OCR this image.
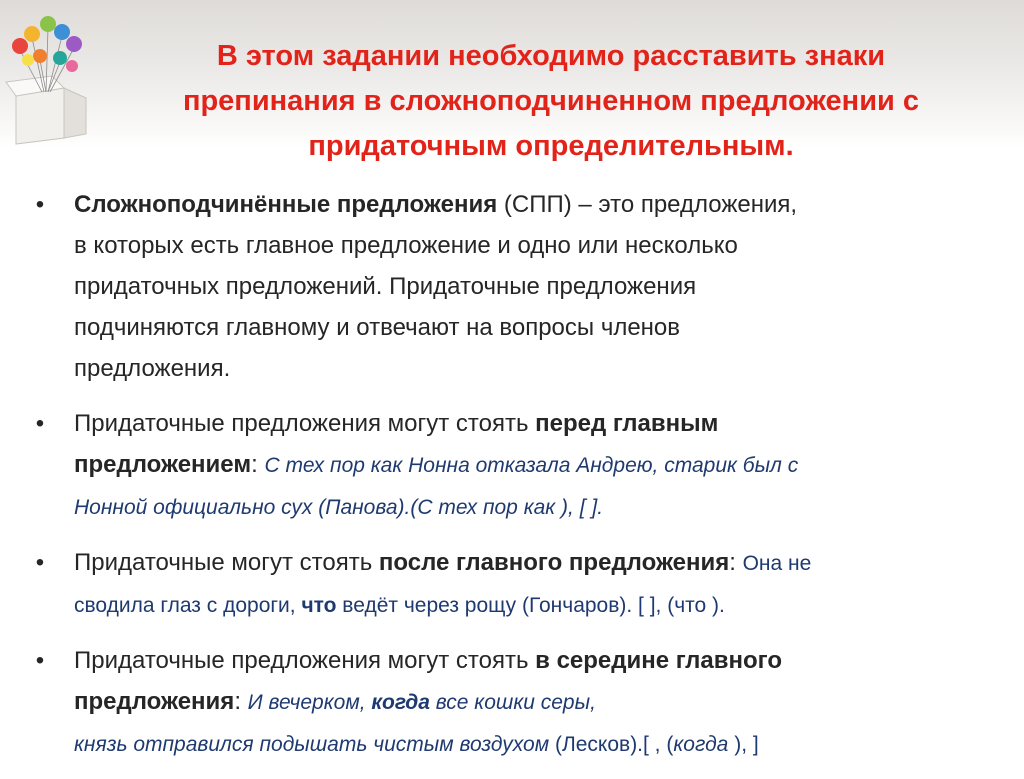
В этом задании необходимо расставить знаки
препинания в сложноподчиненном предложении с
придаточным определительным.
• Сложноподчинённые предложения (СПП) – это предложения,
в которых есть главное предложение и одно или несколько
придаточных предложений. Придаточные предложения
подчиняются главному и отвечают на вопросы членов
предложения.
• Придаточные предложения могут стоять перед главным
предложением: С тех пор как Нонна отказала Андрею, старик был с
Нонной официально сух (Панова).(С тех пор как ), [ ].
• Придаточные могут стоять после главного предложения: Она не
сводила глаз с дороги, что ведёт через рощу (Гончаров). [ ], (что ).
• Придаточные предложения могут стоять в середине главного
предложения: И вечерком, когда все кошки серы,
князь отправился подышать чистым воздухом (Лесков).[ , (когда ), ]
